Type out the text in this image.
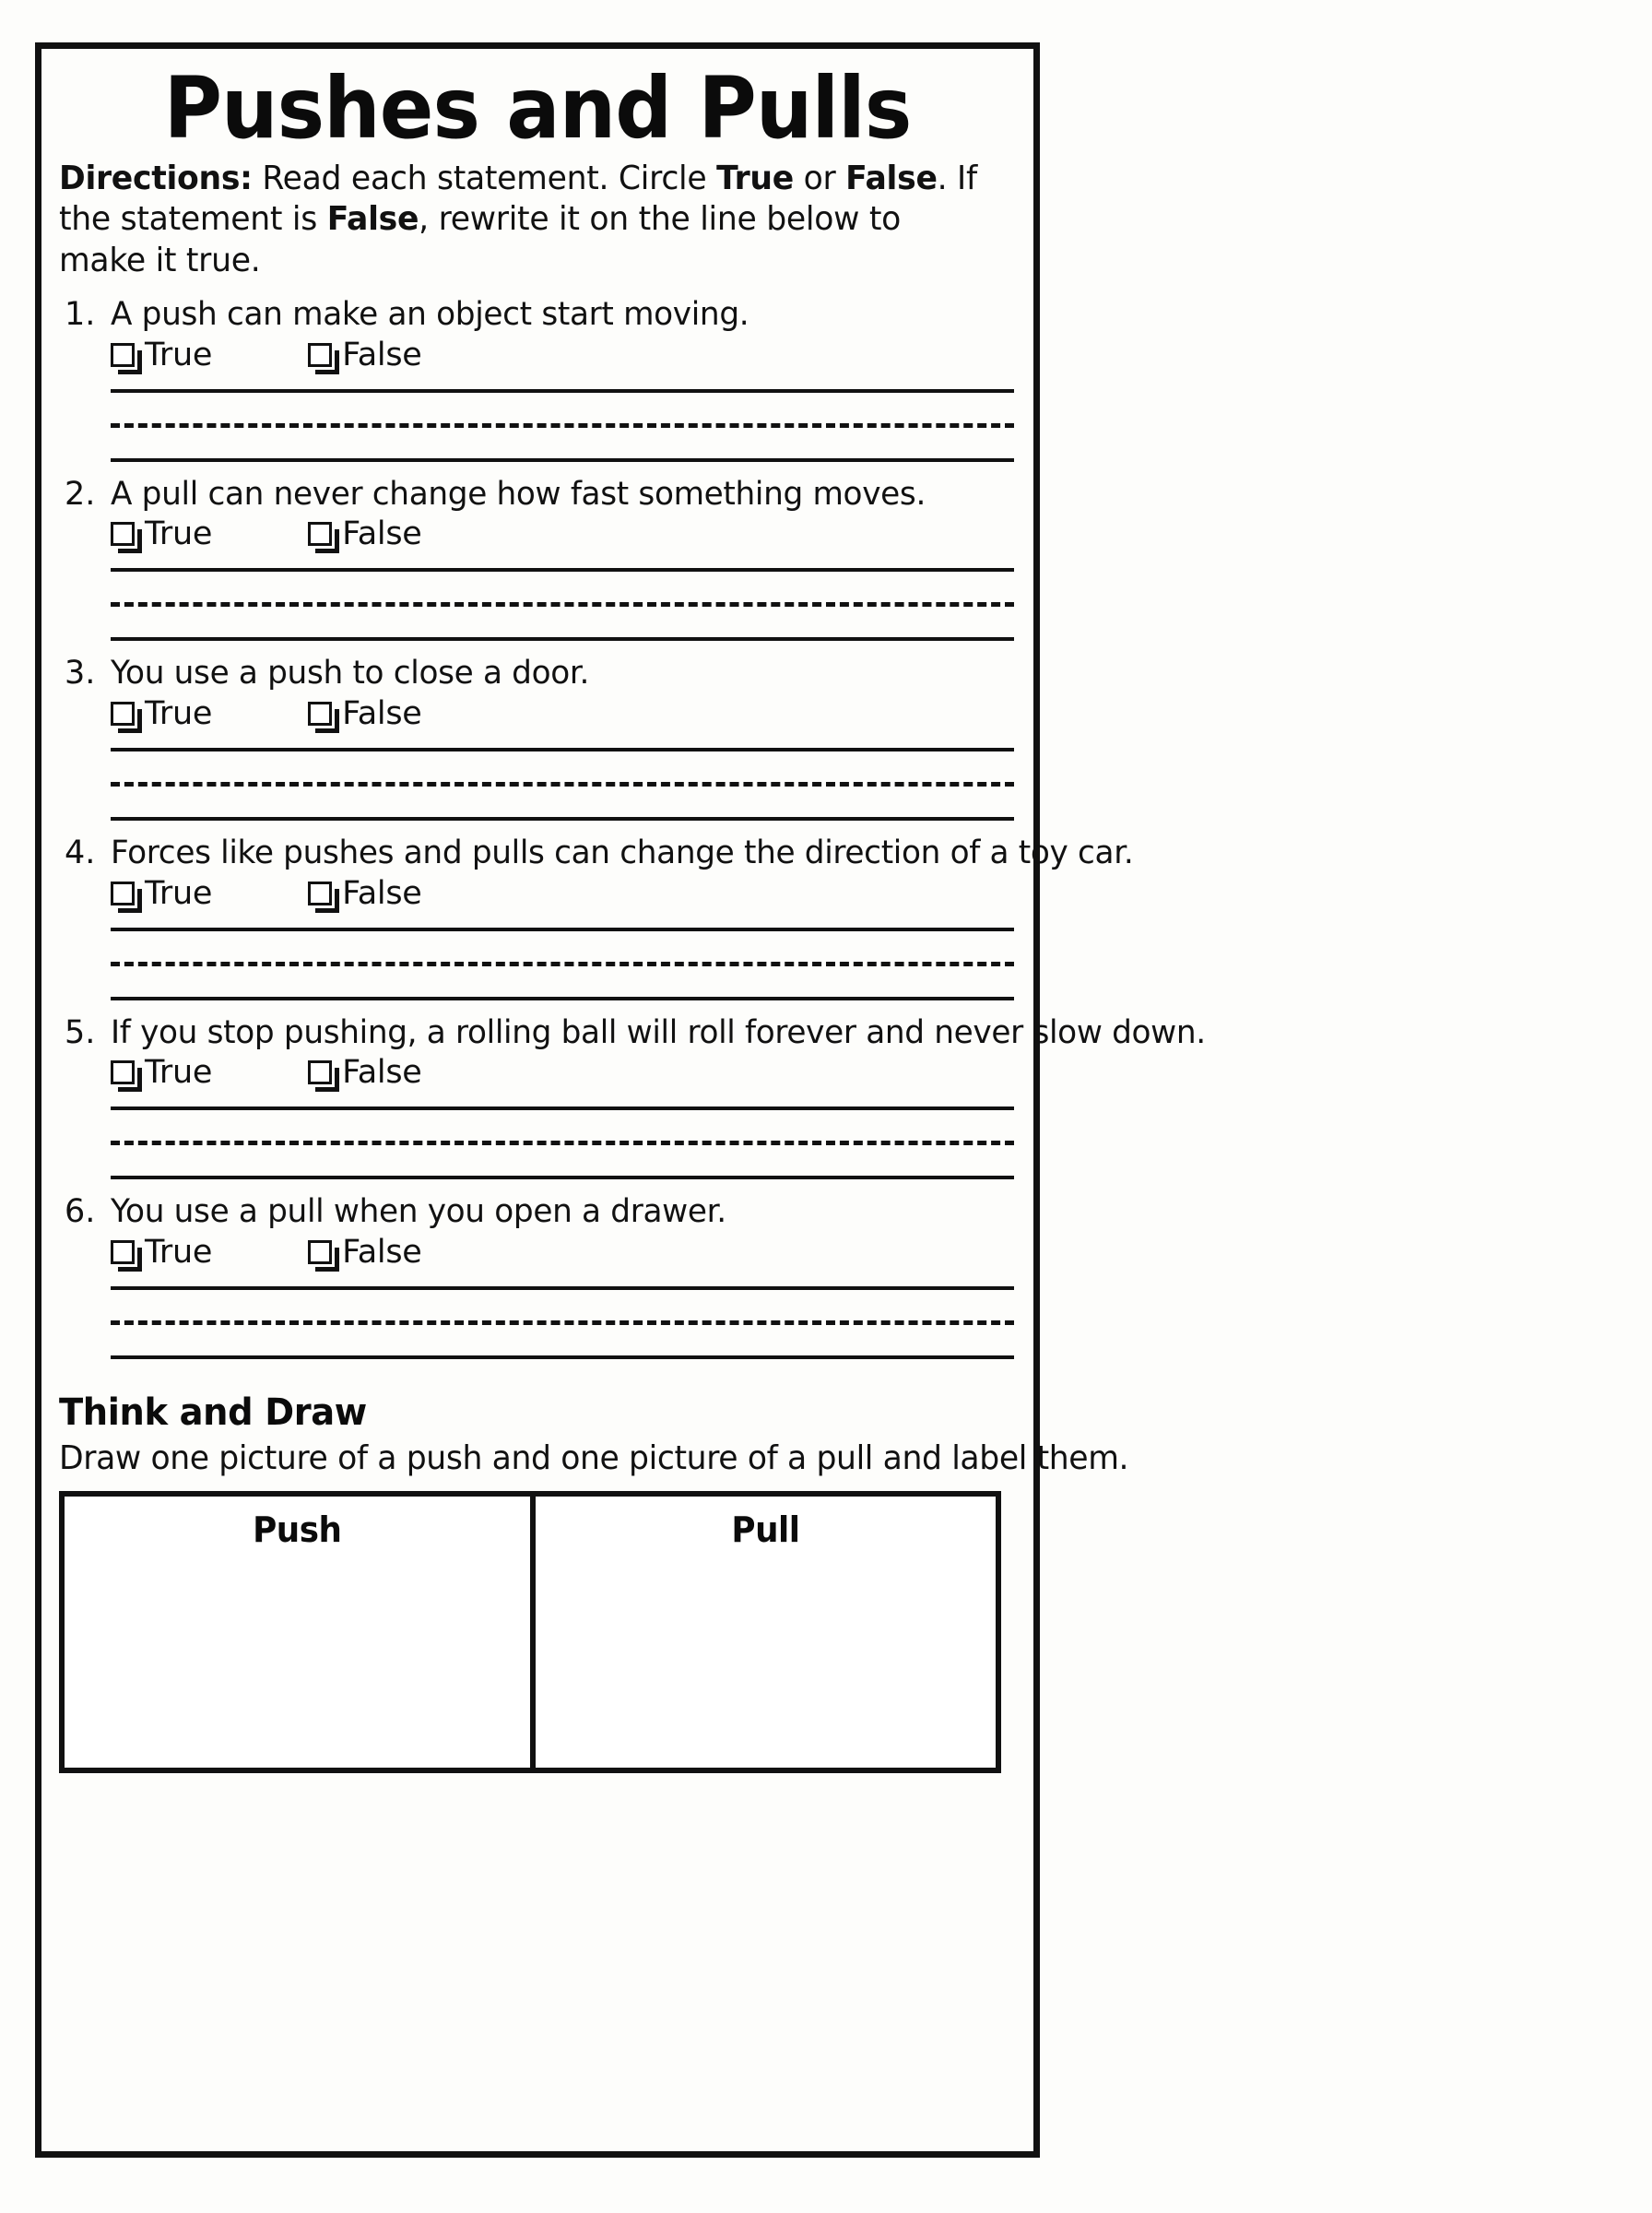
Pushes and Pulls
Directions: Read each statement. Circle True or False. If the statement is False, rewrite it on the line below to make it true.
1. A push can make an object start moving.
True	False
2. A pull can never change how fast something moves.
True	False
3. You use a push to close a door.
True	False
4. Forces like pushes and pulls can change the direction of a toy car.
True	False
5. If you stop pushing, a rolling ball will roll forever and never slow down.
True	False
6. You use a pull when you open a drawer.
True	False
Think and Draw
Draw one picture of a push and one picture of a pull and label them.
Push	Pull
